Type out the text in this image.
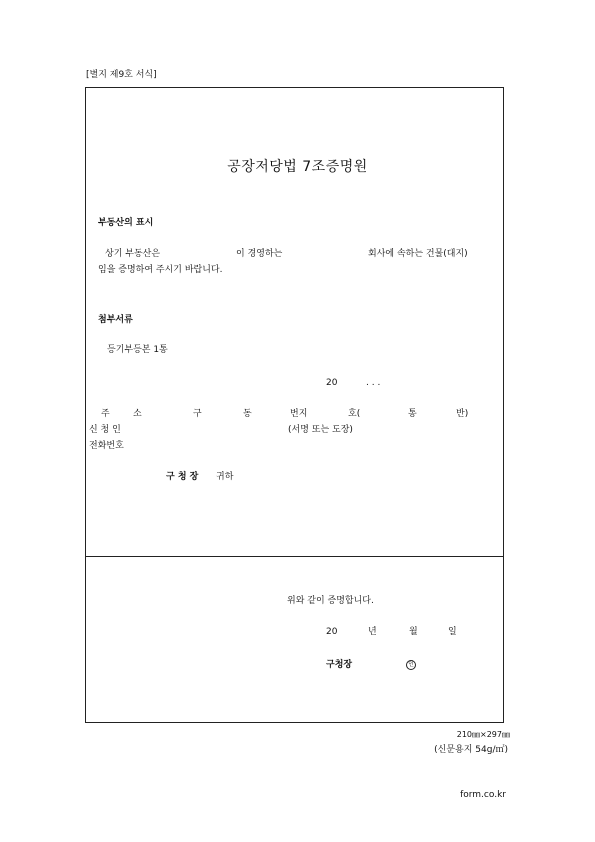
[별지 제9호 서식]
공장저당법 7조증명원
부동산의 표시
상기 부동산은	이 경영하는	회사에 속하는 건물(대지)
임을 증명하여 주시기 바랍니다.
첨부서류
등기부등본 1통
20	. . .
주	소	구	동	번지	호(	통	반)
신 청 인	(서명 또는 도장)
전화번호
구 청 장 귀하
위와 같이 증명합니다.
20	년	월	일
구청장	인
210㎜×297㎜
(신문용지 54g/㎡)
form.co.kr
